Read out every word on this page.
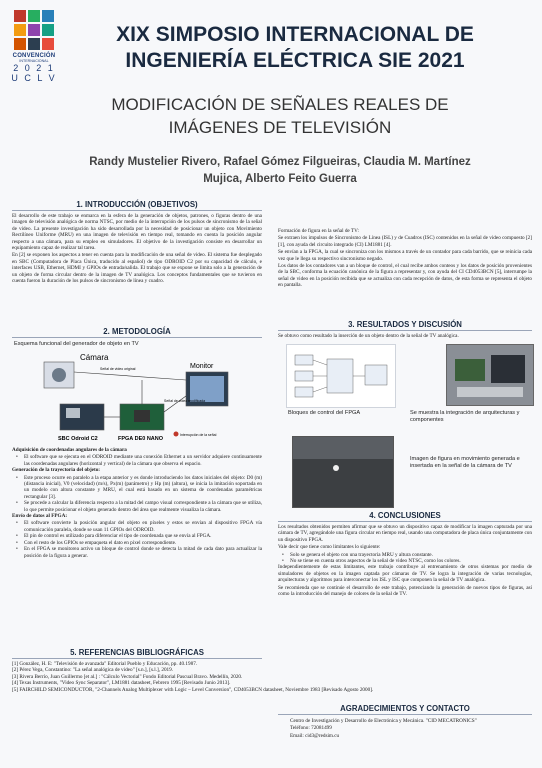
CONVENCIÓN
INTERNACIONAL
2 0 2 1
U C L V
XIX SIMPOSIO INTERNACIONAL DE
INGENIERÍA ELÉCTRICA SIE 2021
MODIFICACIÓN DE SEÑALES REALES DE
IMÁGENES DE TELEVISIÓN
Randy Mustelier Rivero, Rafael Gómez Filgueiras, Claudia M. Martínez
Mujica, Alberto Feito Guerra
1. INTRODUCCIÓN (OBJETIVOS)

El desarrollo de este trabajo se enmarca en la esfera de la generación de objetos, patrones, o figuras dentro de una imagen de televisión analógica de norma NTSC, por medio de la interrupción de los pulsos de sincronismo de la señal de video. La presente investigación ha sido desarrollada por la necesidad de posicionar un objeto con Movimiento Rectilíneo Uniforme (MRU) en una imagen de televisión en tiempo real, tomando en cuenta la posición angular respecto a una cámara, para su empleo en simuladores. El objetivo de la investigación consiste en desarrollar un equipamiento capaz de realizar tal tarea.

En [2] se exponen los aspectos a tener en cuenta para la modificación de una señal de video. El sistema fue desplegado en SBC (Computadora de Placa Única, traducido al español) de tipo ODROID C2 por su capacidad de cálculo, e interfaces USB, Ethernet, HDMI y GPIOs de entrada/salida. El trabajo que se expone se limita solo a la generación de un objeto de forma circular dentro de la imagen de TV analógica. Los conceptos fundamentales que se tuvieron en cuenta fueron la duración de los pulsos de sincronismo de línea y cuadro.

2. METODOLOGÍA
Esquema funcional del generador de objeto en TV
Cámara
Monitor
Señal de video original
Señal de video modificada
SBC Odroid C2	FPGA DE0 NANO
Interrupción de la señal

Adquisición de coordenadas angulares de la cámara

• El software que se ejecuta en el ODROID mediante una conexión Ethernet a un servidor adquiere continuamente las coordenadas angulares (horizontal y vertical) de la cámara que observa el espacio.

Generación de la trayectoria del objeto:

• Este proceso ocurre en paralelo a la etapa anterior y es donde introduciendo los datos iniciales del objeto: D0 (m) (distancia inicial), V0 (velocidad) (m/s), Px(m) (parámetro) y Hp (m) (altura), se inicia la imitación soportada en un modelo con altura constante y MRU, el cual está basado en un sistema de coordenadas paramétricas rectangular [3].
• Se procede a calcular la diferencia respecto a la mitad del campo visual correspondiente a la cámara que se utiliza, lo que permite posicionar el objeto generado dentro del área que realmente visualiza la cámara.

Envío de datos al FPGA:

• El software convierte la posición angular del objeto en píxeles y estos se envían al dispositivo FPGA vía comunicación paralela, donde se usan 11 GPIOs del ODROID.
• El pin de control es utilizado para diferenciar el tipo de coordenada que se envía al FPGA.
• Con el resto de los GPIOs se empaqueta el dato en píxel correspondiente.
• En el FPGA se monitorea activo un bloque de control donde se detecta la mitad de cada dato para actualizar la posición de la figura a generar.
5. REFERENCIAS BIBLIOGRÁFICAS
[1] González, H. E: "Televisión de avanzada" Editorial Pueblo y Educación, pp. 40.1987.
[2] Pérez Vega, Constantino: "La señal analógica de video" [s.n.], [s.l.], 2019.
[3] Rivera Berrío, Juan Guillermo [et al.] : "Cálculo Vectorial" Fondo Editorial Pascual Bravo. Medellín, 2020.
[4] Texas Instruments, "Video Sync Separator", LM1881 datasheet, Febrero 1995 [Revisado Junio 2013].
[5] FAIRCHILD SEMICONDUCTOR, "2-Channels Analog Multiplexer with Logic – Level Conversion", CD4053BCN datasheet, Noviembre 1983 [Revisado Agosto 2000].

Formación de figura en la señal de TV:

Se extraen los impulsos de Sincronismo de Línea (ISL) y de Cuadros (ISC) contenidos en la señal de video compuesto [2] [1], con ayuda del circuito integrado (CI) LM1881 [4].

Se envían a la FPGA, la cual se sincroniza con los mismos a través de un contador para cada barrido, que se reinicia cada vez que le llega su respectivo sincronismo negado.

Los datos de los contadores van a un bloque de control, el cual recibe ambos conteos y los datos de posición provenientes de la SBC, conforma la ecuación canónica de la figura a representar y, con ayuda del CI CD4053BCN [5], interrumpe la señal de video en la posición recibida que se actualiza con cada recepción de datos, de esta forma se representa el objeto en pantalla.

3. RESULTADOS Y DISCUSIÓN
Se obtuvo como resultado la inserción de un objeto dentro de la señal de TV analógica.
Bloques de control del FPGA	Se muestra la integración de arquitecturas y componentes
Imagen de figura en movimiento generada e insertada en la señal de la cámara de TV
4. CONCLUSIONES

Los resultados obtenidos permiten afirmar que se obtuvo un dispositivo capaz de modificar la imagen capturada por una cámara de TV, agregándole una figura circular en tiempo real, usando una computadora de placa única conjuntamente con un dispositivo FPGA.

Vale decir que tiene como limitantes lo siguiente:

• Solo se genera el objeto con una trayectoria MRU y altura constante.
• No se tiene en cuenta otros aspectos de la señal de video NTSC, como los colores.

Independientemente de estas limitantes, este trabajo contribuye al entrenamiento de otros sistemas por medio de simuladores de objetos en la imagen captada por cámaras de TV. Se logra la integración de varias tecnologías, arquitecturas y algoritmos para interconectar los ISL y ISC que componen la señal de TV analógica.

Se recomienda que se continúe el desarrollo de este trabajo, potenciando la generación de nuevos tipos de figuras, así como la introducción del manejo de colores de la señal de TV.

AGRADECIMIENTOS Y CONTACTO

Centro de Investigación y Desarrollo de Electrónica y Mecánica. "CID MECATRONICS"

Teléfono: 72081499

Email: cid3@redsim.cu
